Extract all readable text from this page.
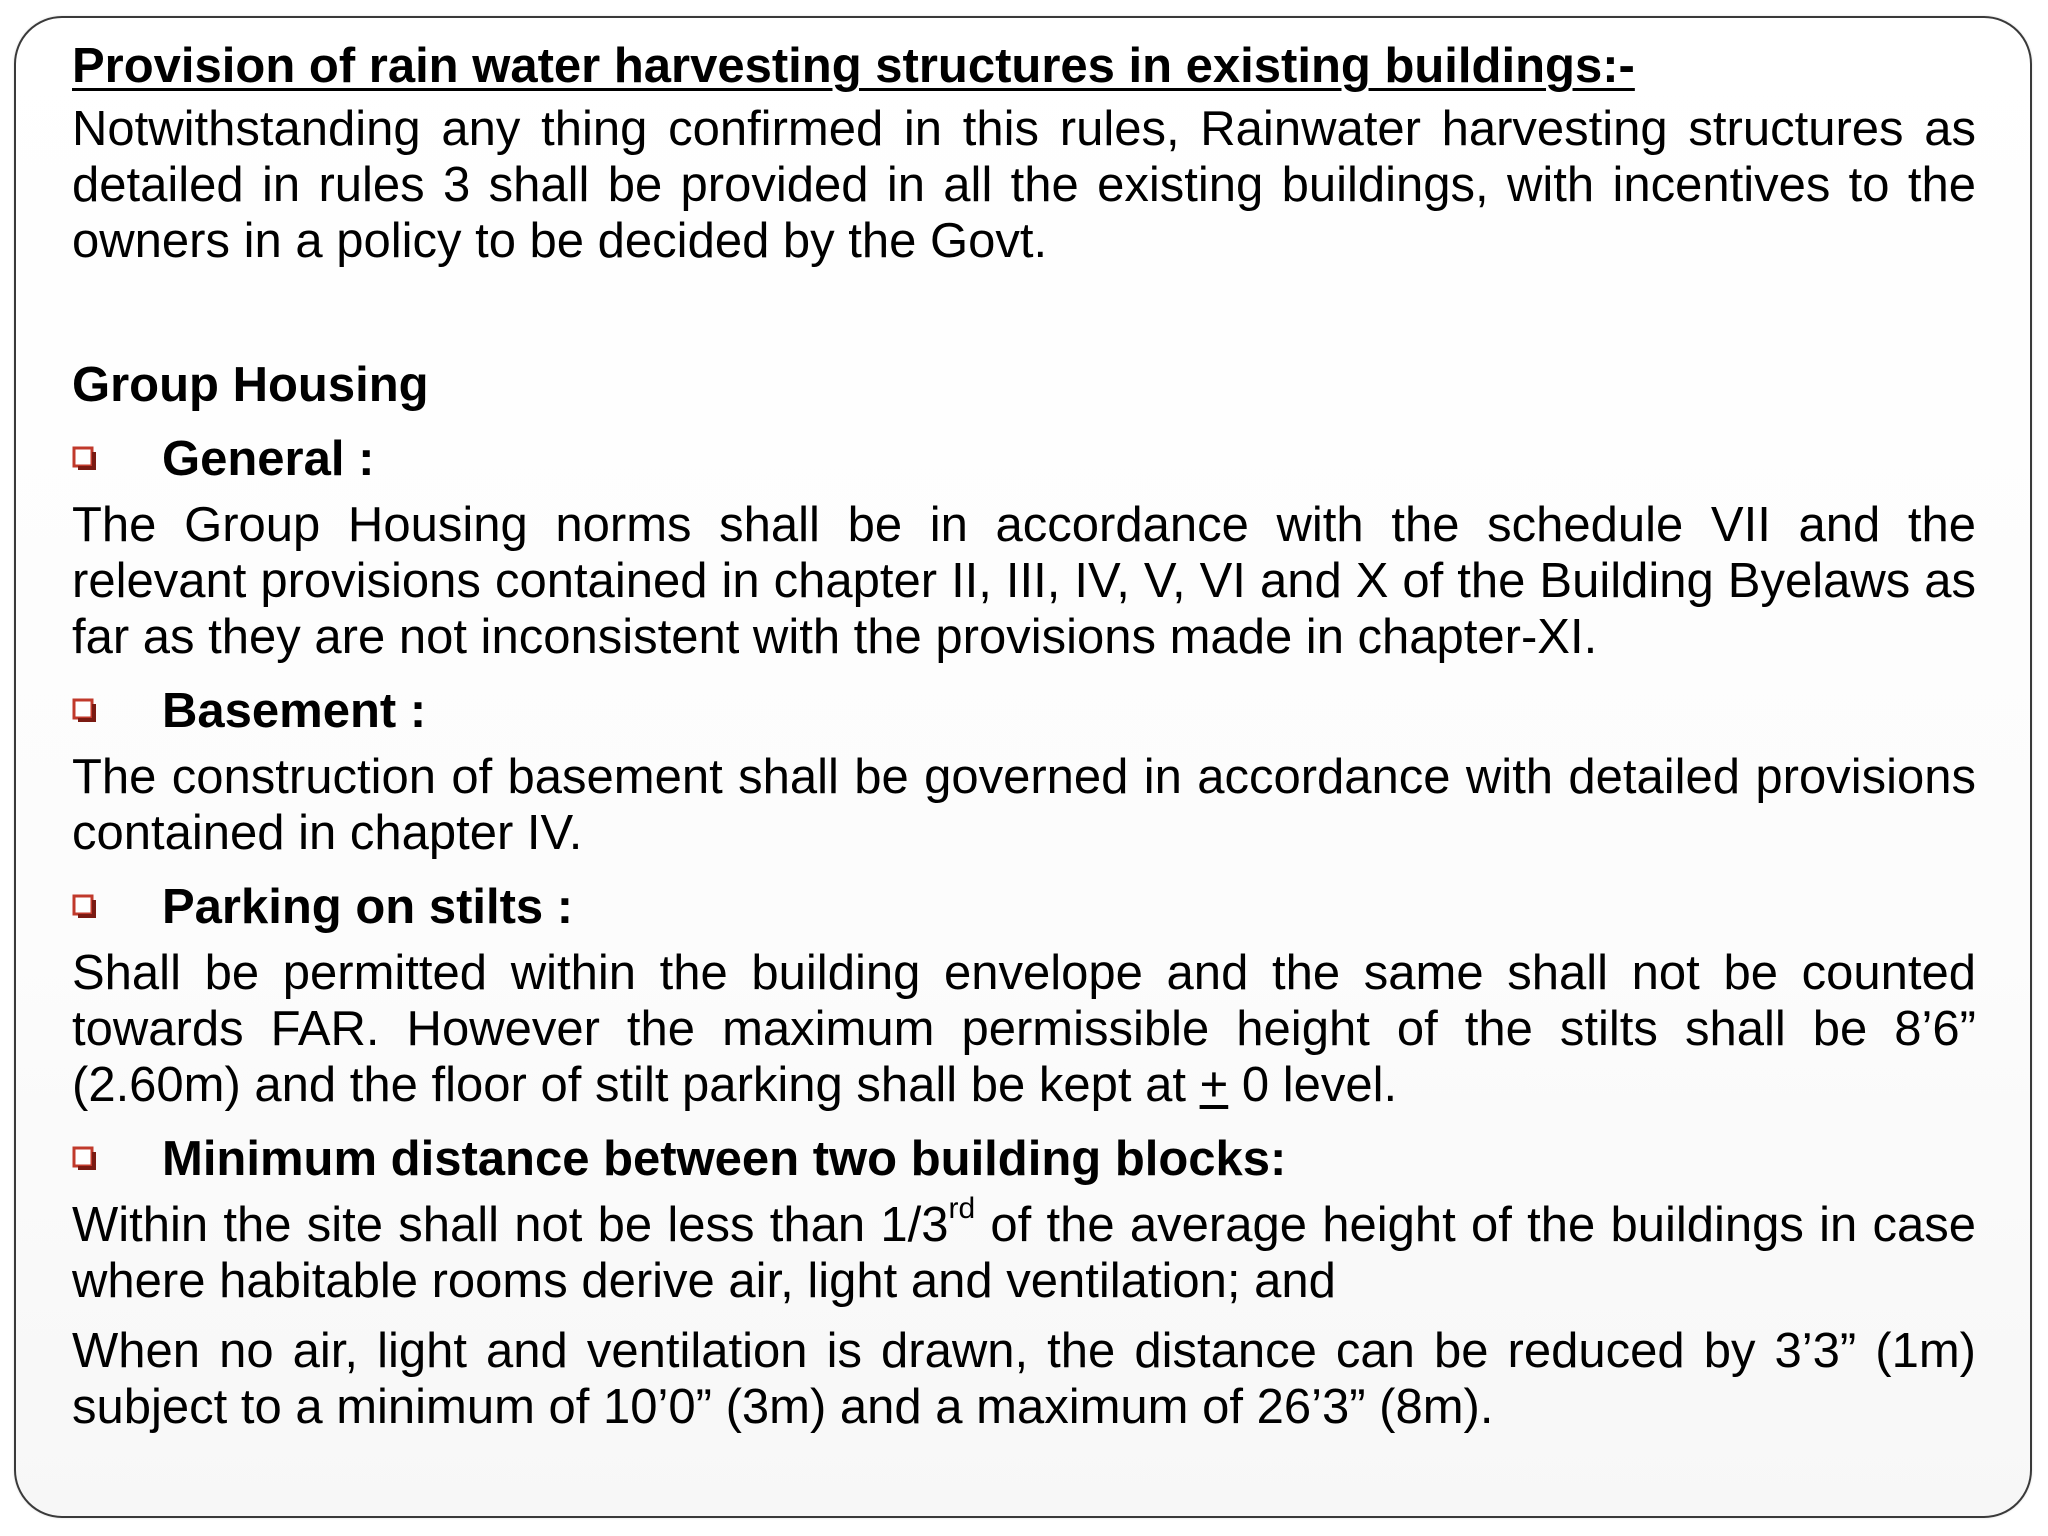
Provision of rain water harvesting structures in existing buildings:-

Notwithstanding any thing confirmed in this rules, Rainwater harvesting structures as detailed in rules 3 shall be provided in all the existing buildings, with incentives to the owners in a policy to be decided by the Govt.

Group Housing
General :

The Group Housing norms shall be in accordance with the schedule VII and the relevant provisions contained in chapter II, III, IV, V, VI and X of the Building Byelaws as far as they are not inconsistent with the provisions made in chapter-XI.

Basement :

The construction of basement shall be governed in accordance with detailed provisions contained in chapter IV.

Parking on stilts :

Shall be permitted within the building envelope and the same shall not be counted towards FAR. However the maximum permissible height of the stilts shall be 8’6” (2.60m) and the floor of stilt parking shall be kept at + 0 level.

Minimum distance between two building blocks:

Within the site shall not be less than 1/3rd of the average height of the buildings in case where habitable rooms derive air, light and ventilation; and

When no air, light and ventilation is drawn, the distance can be reduced by 3’3” (1m) subject to a minimum of 10’0” (3m) and a maximum of 26’3” (8m).
